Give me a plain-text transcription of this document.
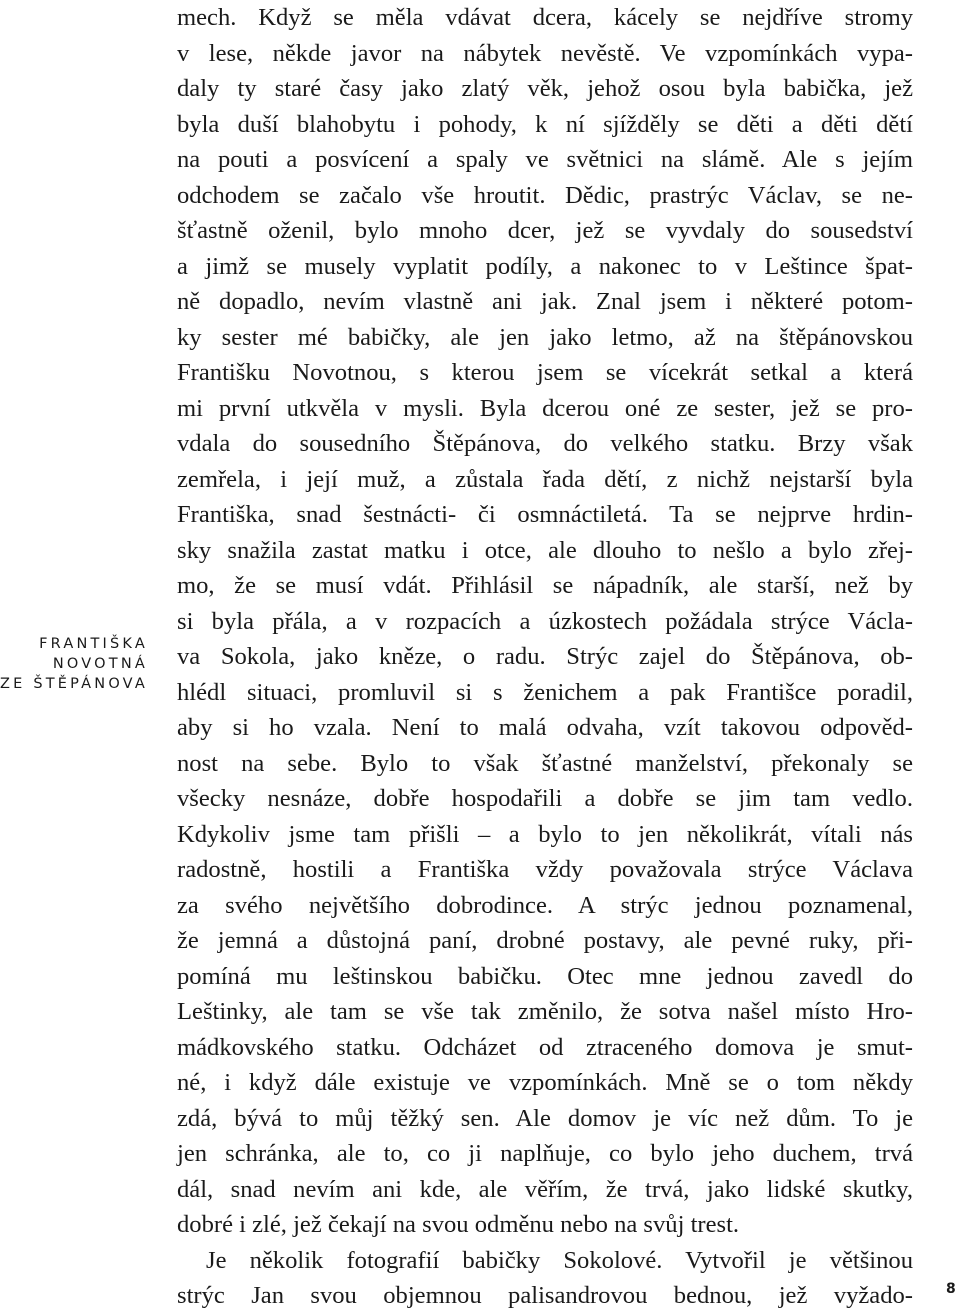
FRANTIŠKA
NOVOTNÁ
ZE ŠTĚPÁNOVA
mech. Když se měla vdávat dcera, kácely se nejdříve stromy
v lese, někde javor na nábytek nevěstě. Ve vzpomínkách vypa-
daly ty staré časy jako zlatý věk, jehož osou byla babička, jež
byla duší blahobytu i pohody, k ní sjížděly se děti a děti dětí
na pouti a posvícení a spaly ve světnici na slámě. Ale s jejím
odchodem se začalo vše hroutit. Dědic, prastrýc Václav, se ne-
šťastně oženil, bylo mnoho dcer, jež se vyvdaly do sousedství
a jimž se musely vyplatit podíly, a nakonec to v Leštince špat-
ně dopadlo, nevím vlastně ani jak. Znal jsem i některé potom-
ky sester mé babičky, ale jen jako letmo, až na štěpánovskou
Františku Novotnou, s kterou jsem se vícekrát setkal a která
mi první utkvěla v mysli. Byla dcerou oné ze sester, jež se pro-
vdala do sousedního Štěpánova, do velkého statku. Brzy však
zemřela, i její muž, a zůstala řada dětí, z nichž nejstarší byla
Františka, snad šestnácti- či osmnáctiletá. Ta se nejprve hrdin-
sky snažila zastat matku i otce, ale dlouho to nešlo a bylo zřej-
mo, že se musí vdát. Přihlásil se nápadník, ale starší, než by
si byla přála, a v rozpacích a úzkostech požádala strýce Václa-
va Sokola, jako kněze, o radu. Strýc zajel do Štěpánova, ob-
hlédl situaci, promluvil si s ženichem a pak Františce poradil,
aby si ho vzala. Není to malá odvaha, vzít takovou odpověd-
nost na sebe. Bylo to však šťastné manželství, překonaly se
všecky nesnáze, dobře hospodařili a dobře se jim tam vedlo.
Kdykoliv jsme tam přišli – a bylo to jen několikrát, vítali nás
radostně, hostili a Františka vždy považovala strýce Václava
za svého největšího dobrodince. A strýc jednou poznamenal,
že jemná a důstojná paní, drobné postavy, ale pevné ruky, při-
pomíná mu leštinskou babičku. Otec mne jednou zavedl do
Leštinky, ale tam se vše tak změnilo, že sotva našel místo Hro-
mádkovského statku. Odcházet od ztraceného domova je smut-
né, i když dále existuje ve vzpomínkách. Mně se o tom někdy
zdá, bývá to můj těžký sen. Ale domov je víc než dům. To je
jen schránka, ale to, co ji naplňuje, co bylo jeho duchem, trvá
dál, snad nevím ani kde, ale věřím, že trvá, jako lidské skutky,
dobré i zlé, jež čekají na svou odměnu nebo na svůj trest.
Je několik fotografií babičky Sokolové. Vytvořil je většinou
strýc Jan svou objemnou palisandrovou bednou, jež vyžado- 8
